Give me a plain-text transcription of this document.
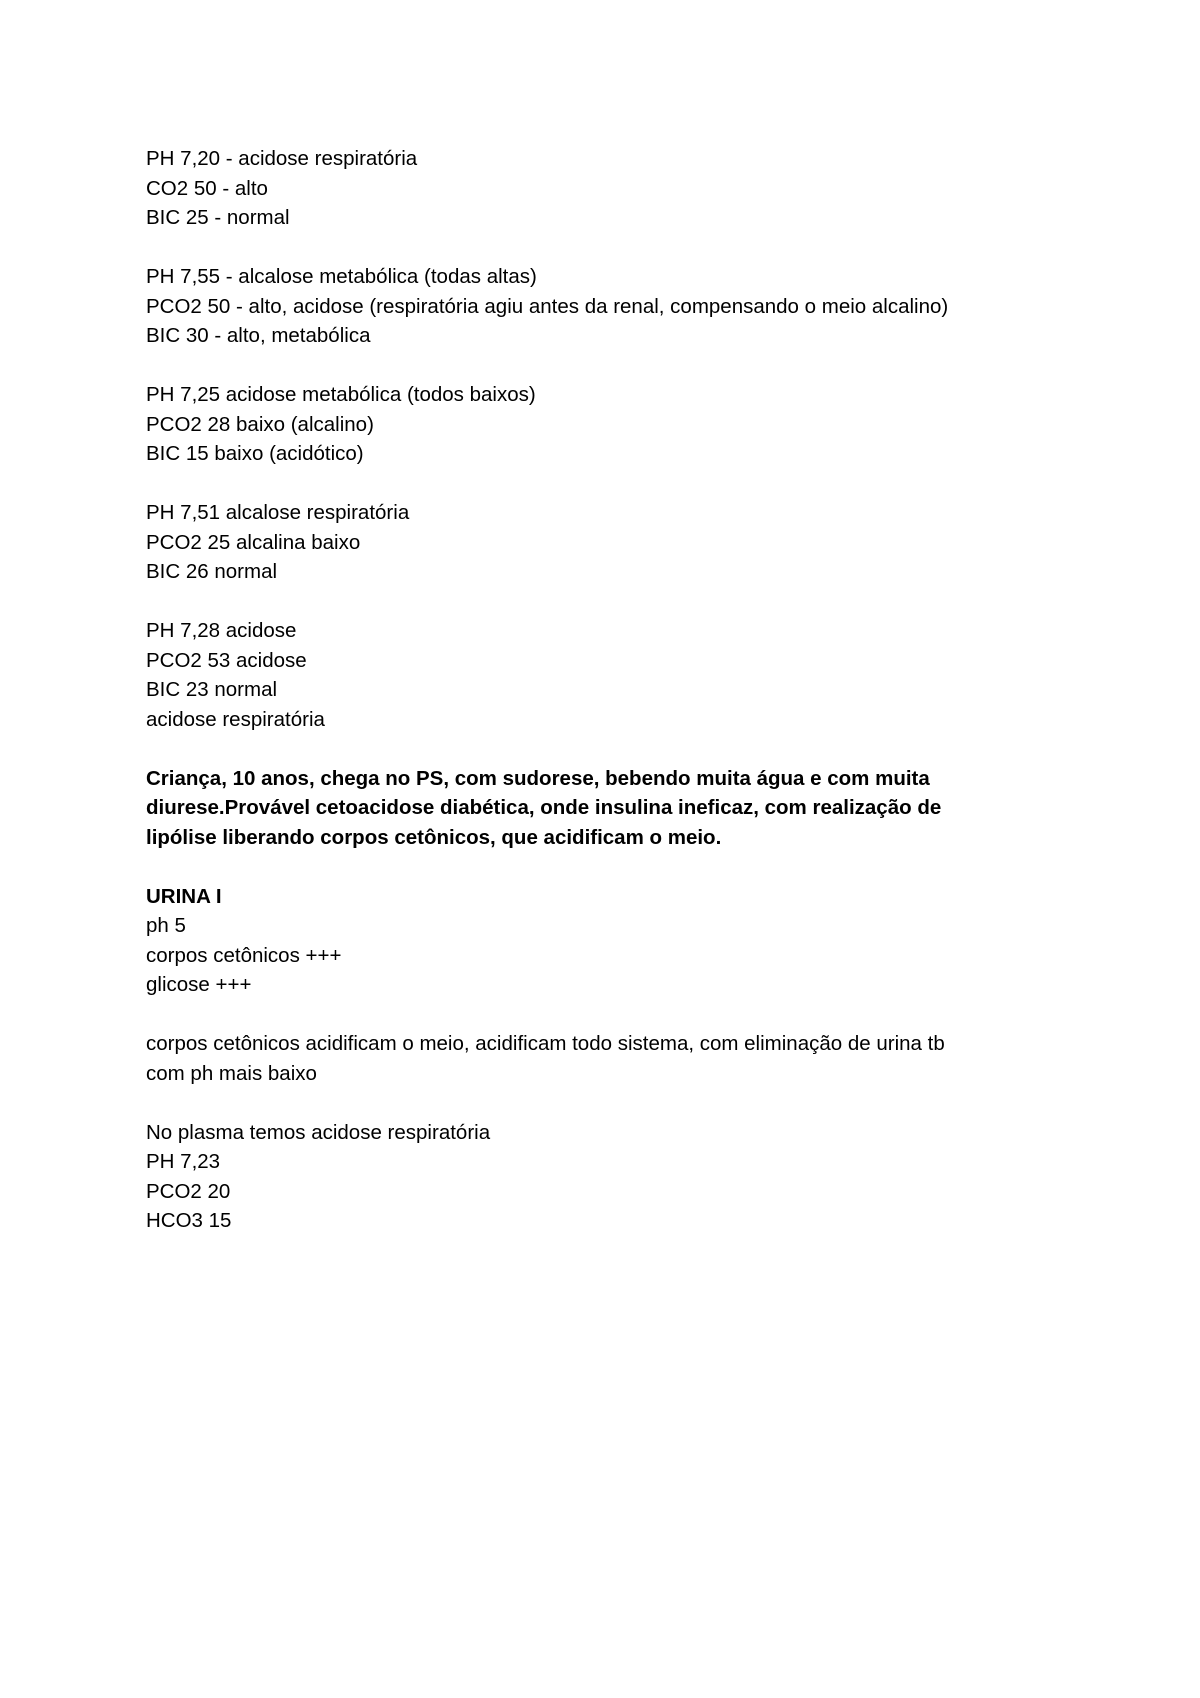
PH 7,20 - acidose respiratória
CO2 50 - alto
BIC 25 - normal
PH 7,55 - alcalose metabólica (todas altas)
PCO2 50 - alto, acidose (respiratória agiu antes da renal, compensando o meio alcalino)
BIC 30 - alto, metabólica
PH 7,25 acidose metabólica (todos baixos)
PCO2 28 baixo (alcalino)
BIC 15 baixo (acidótico)
PH 7,51 alcalose respiratória
PCO2 25 alcalina baixo
BIC 26 normal
PH 7,28 acidose
PCO2 53 acidose
BIC 23 normal
acidose respiratória
Criança, 10 anos, chega no PS, com sudorese, bebendo muita água e com muita
diurese.Provável cetoacidose diabética, onde insulina ineficaz, com realização de
lipólise liberando corpos cetônicos, que acidificam o meio.
URINA I
ph 5
corpos cetônicos +++
glicose +++
corpos cetônicos acidificam o meio, acidificam todo sistema, com eliminação de urina tb
com ph mais baixo
No plasma temos acidose respiratória
PH 7,23
PCO2 20
HCO3 15
